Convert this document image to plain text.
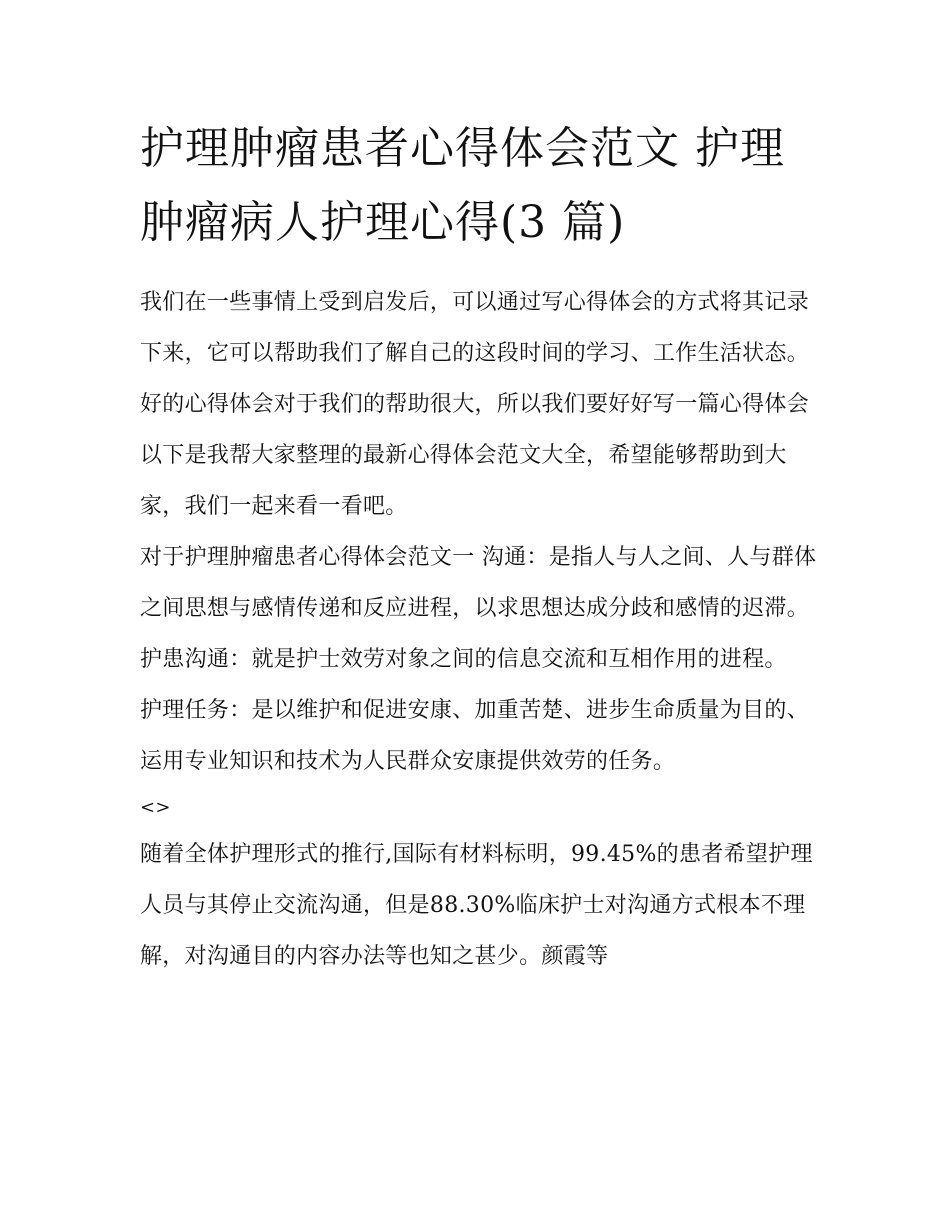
护理肿瘤患者心得体会范文 护理肿瘤病人护理心得(3 篇)

我们在一些事情上受到启发后，可以通过写心得体会的方式将其记录下来，它可以帮助我们了解自己的这段时间的学习、工作生活状态。好的心得体会对于我们的帮助很大，所以我们要好好写一篇心得体会以下是我帮大家整理的最新心得体会范文大全，希望能够帮助到大家，我们一起来看一看吧。

对于护理肿瘤患者心得体会范文一 沟通：是指人与人之间、人与群体之间思想与感情传递和反应进程，以求思想达成分歧和感情的迟滞。

护患沟通：就是护士效劳对象之间的信息交流和互相作用的进程。

护理任务：是以维护和促进安康、加重苦楚、进步生命质量为目的、运用专业知识和技术为人民群众安康提供效劳的任务。

<>

随着全体护理形式的推行,国际有材料标明，99.45%的患者希望护理人员与其停止交流沟通，但是88.30%临床护士对沟通方式根本不理解，对沟通目的内容办法等也知之甚少。颜霞等
